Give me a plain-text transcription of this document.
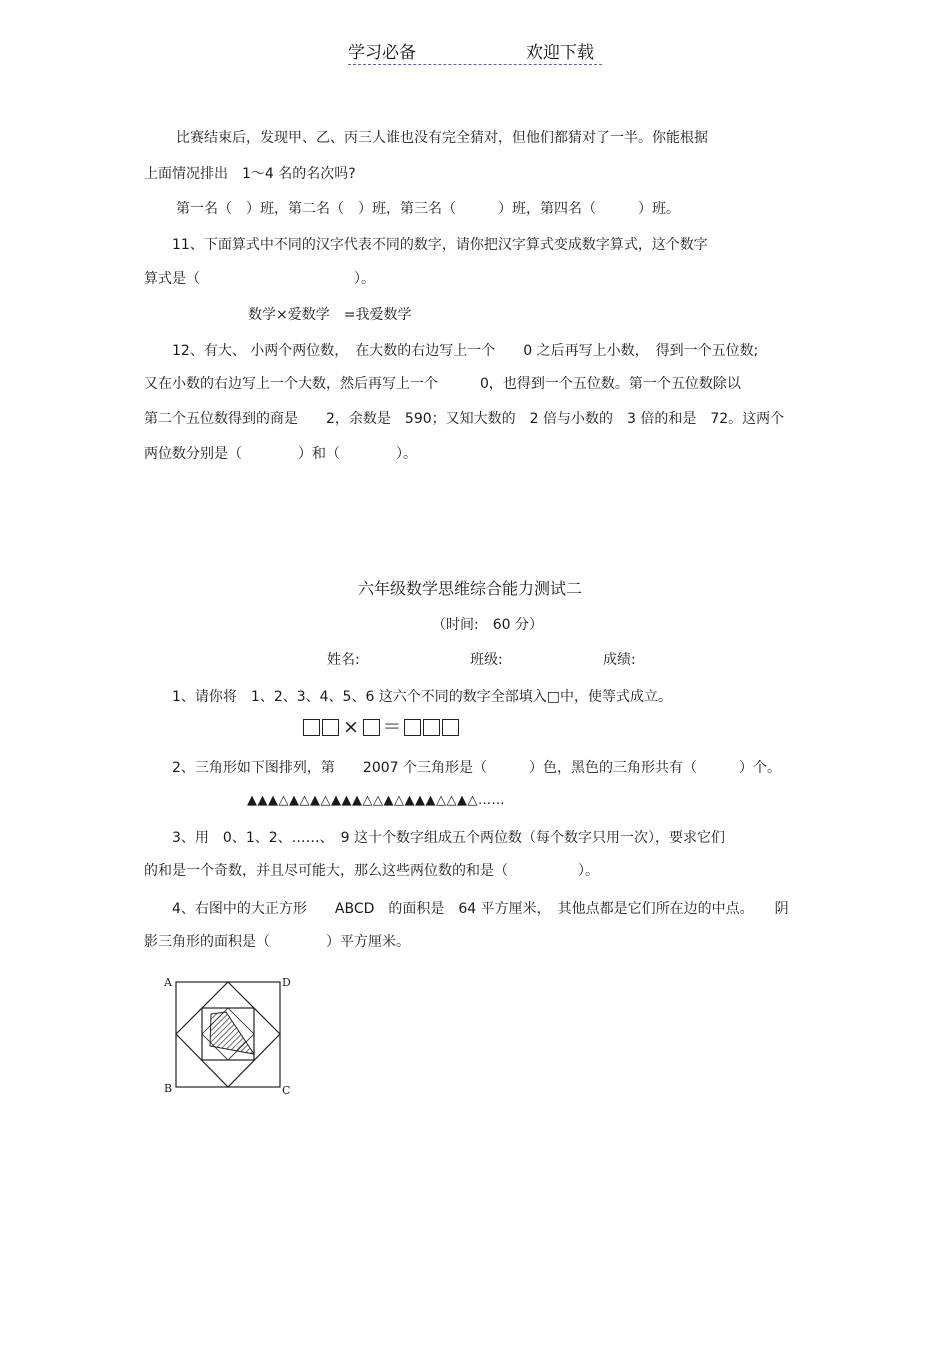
学习必备	欢迎下载
比赛结束后，发现甲、乙、丙三人谁也没有完全猜对，但他们都猜对了一半。你能根据
上面情况排出　1～4 名的名次吗?
第一名（　）班，第二名（　）班，第三名（　　　）班，第四名（　　　）班。
11、下面算式中不同的汉字代表不同的数字，请你把汉字算式变成数字算式，这个数字
算式是（　　　　　　　　　　　）。
数学×爱数学　=我爱数学
12、有大、 小两个两位数，　在大数的右边写上一个　　0 之后再写上小数，　得到一个五位数;
又在小数的右边写上一个大数，然后再写上一个　　　0，也得到一个五位数。第一个五位数除以
第二个五位数得到的商是　　2，余数是　590；又知大数的　2 倍与小数的　3 倍的和是　72。这两个
两位数分别是（　　　　）和（　　　　）。
六年级数学思维综合能力测试二
（时间:　60 分）
姓名:	班级:	成绩:
1、请你将　1、2、3、4、5、6 这六个不同的数字全部填入□中，使等式成立。
× ＝
2、三角形如下图排列，第　　2007 个三角形是（　　　）色，黑色的三角形共有（　　　）个。
▲▲▲△▲△▲△▲▲▲△△▲△▲▲▲△△▲△……
3、用　0、1、2、……、　9 这十个数字组成五个两位数（每个数字只用一次），要求它们
的和是一个奇数，并且尽可能大，那么这些两位数的和是（　　　　　）。
4、右图中的大正方形　　ABCD　的面积是　64 平方厘米，　其他点都是它们所在边的中点。　　阴
影三角形的面积是（　　　　）平方厘米。
A	D
B	C
